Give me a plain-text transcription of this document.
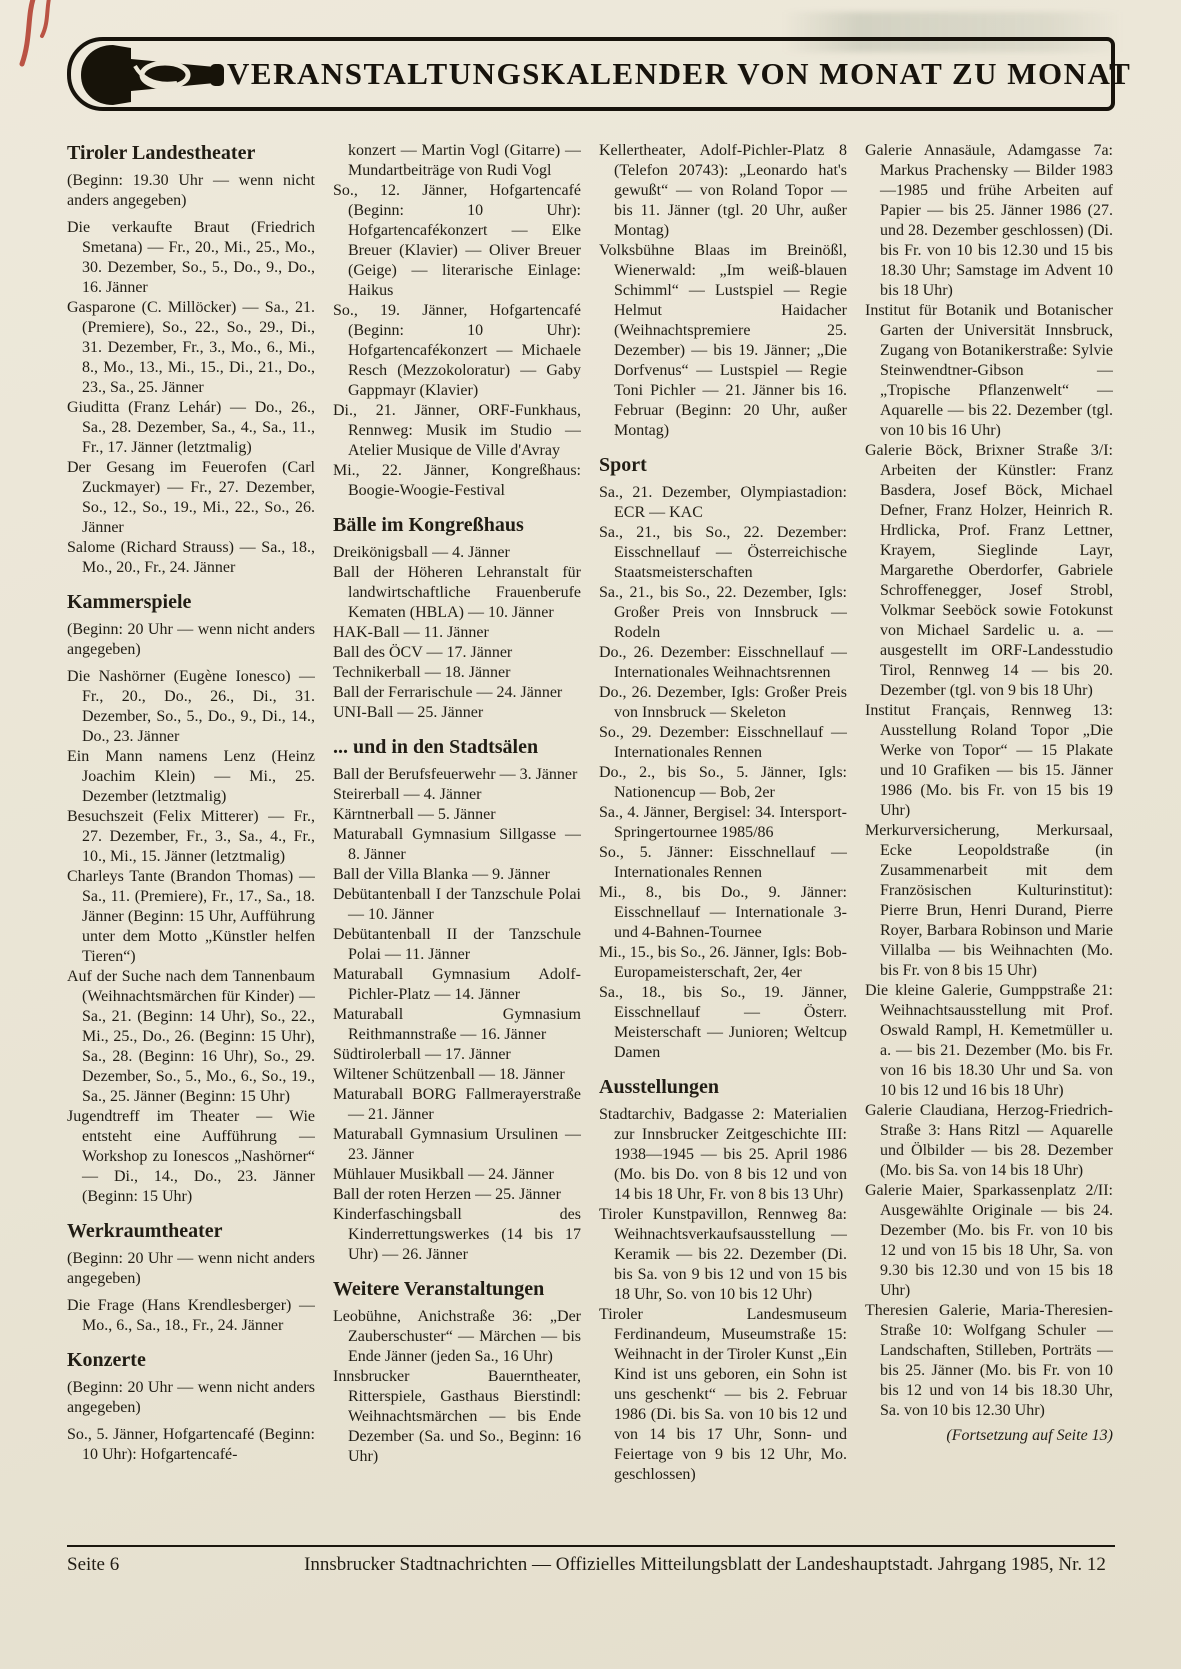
VERANSTALTUNGSKALENDER VON MONAT ZU MONAT
Tiroler Landestheater
(Beginn: 19.30 Uhr — wenn nicht anders angegeben)
Die verkaufte Braut (Friedrich Smetana) — Fr., 20., Mi., 25., Mo., 30. Dezember, So., 5., Do., 9., Do., 16. Jänner
Gasparone (C. Millöcker) — Sa., 21. (Premiere), So., 22., So., 29., Di., 31. Dezember, Fr., 3., Mo., 6., Mi., 8., Mo., 13., Mi., 15., Di., 21., Do., 23., Sa., 25. Jänner
Giuditta (Franz Lehár) — Do., 26., Sa., 28. Dezember, Sa., 4., Sa., 11., Fr., 17. Jänner (letztmalig)
Der Gesang im Feuerofen (Carl Zuckmayer) — Fr., 27. Dezember, So., 12., So., 19., Mi., 22., So., 26. Jänner
Salome (Richard Strauss) — Sa., 18., Mo., 20., Fr., 24. Jänner
Kammerspiele
(Beginn: 20 Uhr — wenn nicht anders angegeben)
Die Nashörner (Eugène Ionesco) — Fr., 20., Do., 26., Di., 31. Dezember, So., 5., Do., 9., Di., 14., Do., 23. Jänner
Ein Mann namens Lenz (Heinz Joachim Klein) — Mi., 25. Dezember (letztmalig)
Besuchszeit (Felix Mitterer) — Fr., 27. Dezember, Fr., 3., Sa., 4., Fr., 10., Mi., 15. Jänner (letztmalig)
Charleys Tante (Brandon Thomas) — Sa., 11. (Premiere), Fr., 17., Sa., 18. Jänner (Beginn: 15 Uhr, Aufführung unter dem Motto „Künstler helfen Tieren“)
Auf der Suche nach dem Tannenbaum (Weihnachtsmärchen für Kinder) — Sa., 21. (Beginn: 14 Uhr), So., 22., Mi., 25., Do., 26. (Beginn: 15 Uhr), Sa., 28. (Beginn: 16 Uhr), So., 29. Dezember, So., 5., Mo., 6., So., 19., Sa., 25. Jänner (Beginn: 15 Uhr)
Jugendtreff im Theater — Wie entsteht eine Aufführung — Workshop zu Ionescos „Nashörner“ — Di., 14., Do., 23. Jänner (Beginn: 15 Uhr)
Werkraumtheater
(Beginn: 20 Uhr — wenn nicht anders angegeben)
Die Frage (Hans Krendlesberger) — Mo., 6., Sa., 18., Fr., 24. Jänner
Konzerte
(Beginn: 20 Uhr — wenn nicht anders angegeben)
So., 5. Jänner, Hofgartencafé (Beginn: 10 Uhr): Hofgartencafé-
konzert — Martin Vogl (Gitarre) — Mundartbeiträge von Rudi Vogl
So., 12. Jänner, Hofgartencafé (Beginn: 10 Uhr): Hofgartencafékonzert — Elke Breuer (Klavier) — Oliver Breuer (Geige) — literarische Einlage: Haikus
So., 19. Jänner, Hofgartencafé (Beginn: 10 Uhr): Hofgartencafékonzert — Michaele Resch (Mezzokoloratur) — Gaby Gappmayr (Klavier)
Di., 21. Jänner, ORF-Funkhaus, Rennweg: Musik im Studio — Atelier Musique de Ville d'Avray
Mi., 22. Jänner, Kongreßhaus: Boogie-Woogie-Festival
Bälle im Kongreßhaus
Dreikönigsball — 4. Jänner
Ball der Höheren Lehranstalt für landwirtschaftliche Frauenberufe Kematen (HBLA) — 10. Jänner
HAK-Ball — 11. Jänner
Ball des ÖCV — 17. Jänner
Technikerball — 18. Jänner
Ball der Ferrarischule — 24. Jänner
UNI-Ball — 25. Jänner
... und in den Stadtsälen
Ball der Berufsfeuerwehr — 3. Jänner
Steirerball — 4. Jänner
Kärntnerball — 5. Jänner
Maturaball Gymnasium Sillgasse — 8. Jänner
Ball der Villa Blanka — 9. Jänner
Debütantenball I der Tanzschule Polai — 10. Jänner
Debütantenball II der Tanzschule Polai — 11. Jänner
Maturaball Gymnasium Adolf-Pichler-Platz — 14. Jänner
Maturaball Gymnasium Reithmannstraße — 16. Jänner
Südtirolerball — 17. Jänner
Wiltener Schützenball — 18. Jänner
Maturaball BORG Fallmerayerstraße — 21. Jänner
Maturaball Gymnasium Ursulinen — 23. Jänner
Mühlauer Musikball — 24. Jänner
Ball der roten Herzen — 25. Jänner
Kinderfaschingsball des Kinderrettungswerkes (14 bis 17 Uhr) — 26. Jänner
Weitere Veranstaltungen
Leobühne, Anichstraße 36: „Der Zauberschuster“ — Märchen — bis Ende Jänner (jeden Sa., 16 Uhr)
Innsbrucker Bauerntheater, Ritterspiele, Gasthaus Bierstindl: Weihnachtsmärchen — bis Ende Dezember (Sa. und So., Beginn: 16 Uhr)
Kellertheater, Adolf-Pichler-Platz 8 (Telefon 20743): „Leonardo hat's gewußt“ — von Roland Topor — bis 11. Jänner (tgl. 20 Uhr, außer Montag)
Volksbühne Blaas im Breinößl, Wienerwald: „Im weiß-blauen Schimml“ — Lustspiel — Regie Helmut Haidacher (Weihnachtspremiere 25. Dezember) — bis 19. Jänner; „Die Dorfvenus“ — Lustspiel — Regie Toni Pichler — 21. Jänner bis 16. Februar (Beginn: 20 Uhr, außer Montag)
Sport
Sa., 21. Dezember, Olympiastadion: ECR — KAC
Sa., 21., bis So., 22. Dezember: Eisschnellauf — Österreichische Staatsmeisterschaften
Sa., 21., bis So., 22. Dezember, Igls: Großer Preis von Innsbruck — Rodeln
Do., 26. Dezember: Eisschnellauf — Internationales Weihnachtsrennen
Do., 26. Dezember, Igls: Großer Preis von Innsbruck — Skeleton
So., 29. Dezember: Eisschnellauf — Internationales Rennen
Do., 2., bis So., 5. Jänner, Igls: Nationencup — Bob, 2er
Sa., 4. Jänner, Bergisel: 34. Intersport-Springertournee 1985/86
So., 5. Jänner: Eisschnellauf — Internationales Rennen
Mi., 8., bis Do., 9. Jänner: Eisschnellauf — Internationale 3- und 4-Bahnen-Tournee
Mi., 15., bis So., 26. Jänner, Igls: Bob-Europameisterschaft, 2er, 4er
Sa., 18., bis So., 19. Jänner, Eisschnellauf — Österr. Meisterschaft — Junioren; Weltcup Damen
Ausstellungen
Stadtarchiv, Badgasse 2: Materialien zur Innsbrucker Zeitgeschichte III: 1938—1945 — bis 25. April 1986 (Mo. bis Do. von 8 bis 12 und von 14 bis 18 Uhr, Fr. von 8 bis 13 Uhr)
Tiroler Kunstpavillon, Rennweg 8a: Weihnachtsverkaufsausstellung — Keramik — bis 22. Dezember (Di. bis Sa. von 9 bis 12 und von 15 bis 18 Uhr, So. von 10 bis 12 Uhr)
Tiroler Landesmuseum Ferdinandeum, Museumstraße 15: Weihnacht in der Tiroler Kunst „Ein Kind ist uns geboren, ein Sohn ist uns geschenkt“ — bis 2. Februar 1986 (Di. bis Sa. von 10 bis 12 und von 14 bis 17 Uhr, Sonn- und Feiertage von 9 bis 12 Uhr, Mo. geschlossen)
Galerie Annasäule, Adamgasse 7a: Markus Prachensky — Bilder 1983—1985 und frühe Arbeiten auf Papier — bis 25. Jänner 1986 (27. und 28. Dezember geschlossen) (Di. bis Fr. von 10 bis 12.30 und 15 bis 18.30 Uhr; Samstage im Advent 10 bis 18 Uhr)
Institut für Botanik und Botanischer Garten der Universität Innsbruck, Zugang von Botanikerstraße: Sylvie Steinwendtner-Gibson — „Tropische Pflanzenwelt“ — Aquarelle — bis 22. Dezember (tgl. von 10 bis 16 Uhr)
Galerie Böck, Brixner Straße 3/I: Arbeiten der Künstler: Franz Basdera, Josef Böck, Michael Defner, Franz Holzer, Heinrich R. Hrdlicka, Prof. Franz Lettner, Krayem, Sieglinde Layr, Margarethe Oberdorfer, Gabriele Schroffenegger, Josef Strobl, Volkmar Seeböck sowie Fotokunst von Michael Sardelic u. a. — ausgestellt im ORF-Landesstudio Tirol, Rennweg 14 — bis 20. Dezember (tgl. von 9 bis 18 Uhr)
Institut Français, Rennweg 13: Ausstellung Roland Topor „Die Werke von Topor“ — 15 Plakate und 10 Grafiken — bis 15. Jänner 1986 (Mo. bis Fr. von 15 bis 19 Uhr)
Merkurversicherung, Merkursaal, Ecke Leopoldstraße (in Zusammenarbeit mit dem Französischen Kulturinstitut): Pierre Brun, Henri Durand, Pierre Royer, Barbara Robinson und Marie Villalba — bis Weihnachten (Mo. bis Fr. von 8 bis 15 Uhr)
Die kleine Galerie, Gumppstraße 21: Weihnachtsausstellung mit Prof. Oswald Rampl, H. Kemetmüller u. a. — bis 21. Dezember (Mo. bis Fr. von 16 bis 18.30 Uhr und Sa. von 10 bis 12 und 16 bis 18 Uhr)
Galerie Claudiana, Herzog-Friedrich-Straße 3: Hans Ritzl — Aquarelle und Ölbilder — bis 28. Dezember (Mo. bis Sa. von 14 bis 18 Uhr)
Galerie Maier, Sparkassenplatz 2/II: Ausgewählte Originale — bis 24. Dezember (Mo. bis Fr. von 10 bis 12 und von 15 bis 18 Uhr, Sa. von 9.30 bis 12.30 und von 15 bis 18 Uhr)
Theresien Galerie, Maria-Theresien-Straße 10: Wolfgang Schuler — Landschaften, Stilleben, Porträts — bis 25. Jänner (Mo. bis Fr. von 10 bis 12 und von 14 bis 18.30 Uhr, Sa. von 10 bis 12.30 Uhr)
(Fortsetzung auf Seite 13)
Seite 6	Innsbrucker Stadtnachrichten — Offizielles Mitteilungsblatt der Landeshauptstadt. Jahrgang 1985, Nr. 12
